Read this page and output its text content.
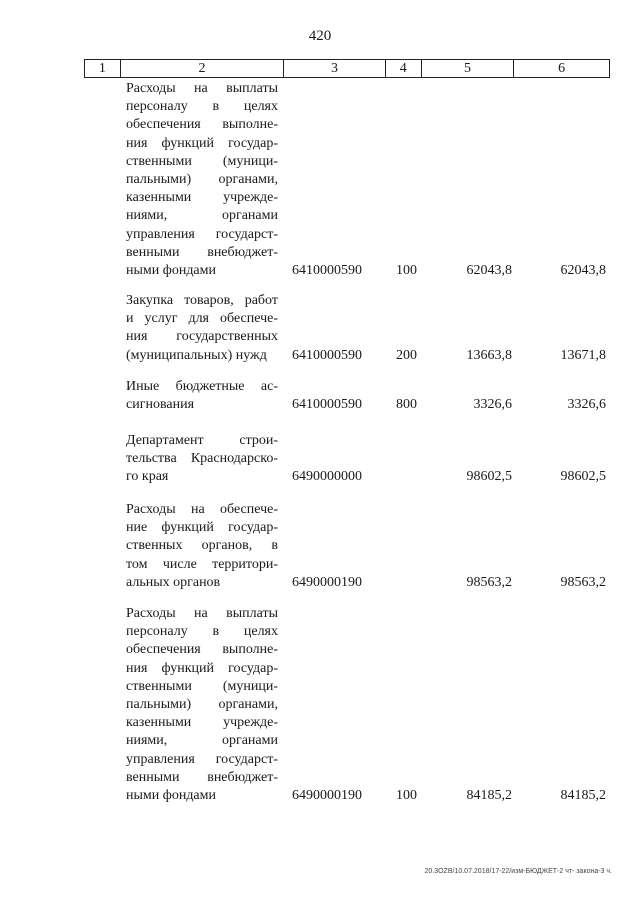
420
1	2	3	4	5	6
Расходы на выплаты
персоналу в целях
обеспечения выполне-
ния функций государ-
ственными (муници-
пальными) органами,
казенными учрежде-
ниями, органами
управления государст-
венными внебюджет-
ными фондами	6410000590 100	62043,8	62043,8
Закупка товаров, работ
и услуг для обеспече-
ния государственных
(муниципальных) нужд	6410000590 200	13663,8	13671,8
Иные бюджетные ас-
сигнования	6410000590 800	3326,6	3326,6
Департамент строи-
тельства Краснодарско-
го края	6490000000	98602,5	98602,5
Расходы на обеспече-
ние функций государ-
ственных органов, в
том числе территори-
альных органов	6490000190	98563,2	98563,2
Расходы на выплаты
персоналу в целях
обеспечения выполне-
ния функций государ-
ственными (муници-
пальными) органами,
казенными учрежде-
ниями, органами
управления государст-
венными внебюджет-
ными фондами	6490000190 100	84185,2	84185,2
20.3OZB/10.07.2018/17-22/изм-БЮДЖЕТ-2 чт- закона-3 ч.
